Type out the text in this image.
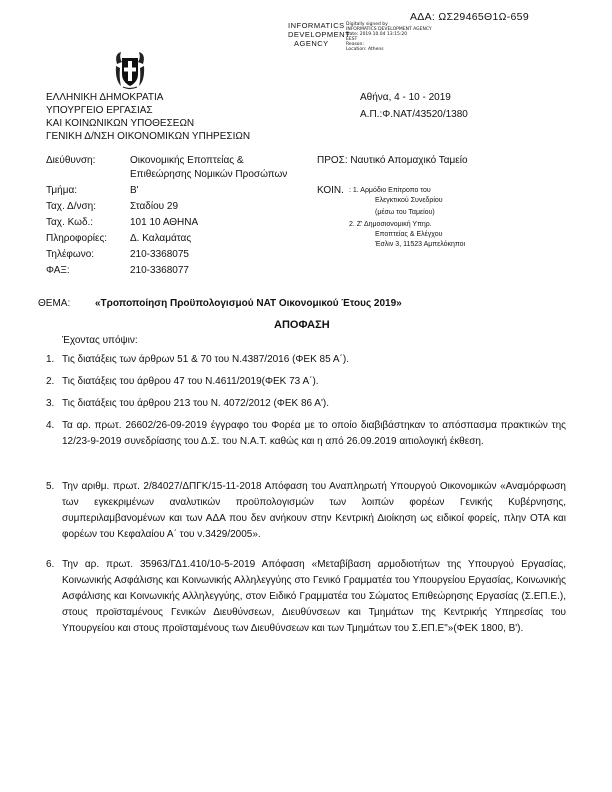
ΑΔΑ: ΩΣ29465Θ1Ω-659
INFORMATICS
DEVELOPMENT
AGENCY
Digitally signed by
INFORMATICS DEVELOPMENT AGENCY
Date: 2019.10.04 13:15:20
EEST
Reason:
Location: Athens
ΕΛΛΗΝΙΚΗ ΔΗΜΟΚΡΑΤΙΑ
ΥΠΟΥΡΓΕΙΟ ΕΡΓΑΣΙΑΣ
ΚΑΙ ΚΟΙΝΩΝΙΚΩΝ ΥΠΟΘΕΣΕΩΝ
ΓΕΝΙΚΗ Δ/ΝΣΗ ΟΙΚΟΝΟΜΙΚΩΝ ΥΠΗΡΕΣΙΩΝ
Αθήνα, 4 - 10 - 2019
Α.Π.:Φ.ΝΑΤ/43520/1380
Διεύθυνση:	Οικονομικής Εποπτείας &
Επιθεώρησης Νομικών Προσώπων
Τμήμα:	Β'
Ταχ. Δ/νση:	Σταδίου 29
Ταχ. Κωδ.:	101 10 ΑΘΗΝΑ
Πληροφορίες: Δ. Καλαμάτας
Τηλέφωνο:	210-3368075
ΦΑΞ:	210-3368077
ΠΡΟΣ: Ναυτικό Απομαχικό Ταμείο
ΚΟΙΝ. : 1. Αρμόδιο Επίτροπο του
Ελεγκτικού Συνεδρίου
(μέσω του Ταμείου)
2. Ζ' Δημοσιονομική Υπηρ.
Εποπτείας & Ελέγχου
Έσλιν 3, 11523 Αμπελόκηποι
ΘΕΜΑ: «Τροποποίηση Προϋπολογισμού ΝΑΤ Οικονομικού Έτους 2019»
ΑΠΟΦΑΣΗ
Έχοντας υπόψιν:
1. Τις διατάξεις των άρθρων 51 & 70 του Ν.4387/2016 (ΦΕΚ 85 Α΄).
2. Τις διατάξεις του άρθρου 47 του Ν.4611/2019(ΦΕΚ 73 Α΄).
3. Τις διατάξεις του άρθρου 213 του Ν. 4072/2012 (ΦΕΚ 86 Α').
4. Τα αρ. πρωτ. 26602/26-09-2019 έγγραφο του Φορέα με το οποίο διαβιβάστηκαν το απόσπασμα πρακτικών της 12/23-9-2019 συνεδρίασης του Δ.Σ. του Ν.Α.Τ. καθώς και η από 26.09.2019 αιτιολογική έκθεση.
5. Την αριθμ. πρωτ. 2/84027/ΔΠΓΚ/15-11-2018 Απόφαση του Αναπληρωτή Υπουργού Οικονομικών «Αναμόρφωση των εγκεκριμένων αναλυτικών προϋπολογισμών των λοιπών φορέων Γενικής Κυβέρνησης, συμπεριλαμβανομένων και των ΑΔΑ που δεν ανήκουν στην Κεντρική Διοίκηση ως ειδικοί φορείς, πλην ΟΤΑ και φορέων του Κεφαλαίου Α΄ του ν.3429/2005».
6. Την αρ. πρωτ. 35963/ΓΔ1.410/10-5-2019 Απόφαση «Μεταβίβαση αρμοδιοτήτων της Υπουργού Εργασίας, Κοινωνικής Ασφάλισης και Κοινωνικής Αλληλεγγύης στο Γενικό Γραμματέα του Υπουργείου Εργασίας, Κοινωνικής Ασφάλισης και Κοινωνικής Αλληλεγγύης, στον Ειδικό Γραμματέα του Σώματος Επιθεώρησης Εργασίας (Σ.ΕΠ.Ε.), στους προϊσταμένους Γενικών Διευθύνσεων, Διευθύνσεων και Τμημάτων της Κεντρικής Υπηρεσίας του Υπουργείου και στους προϊσταμένους των Διευθύνσεων και των Τμημάτων του Σ.ΕΠ.Ε"»(ΦΕΚ 1800, Β').
